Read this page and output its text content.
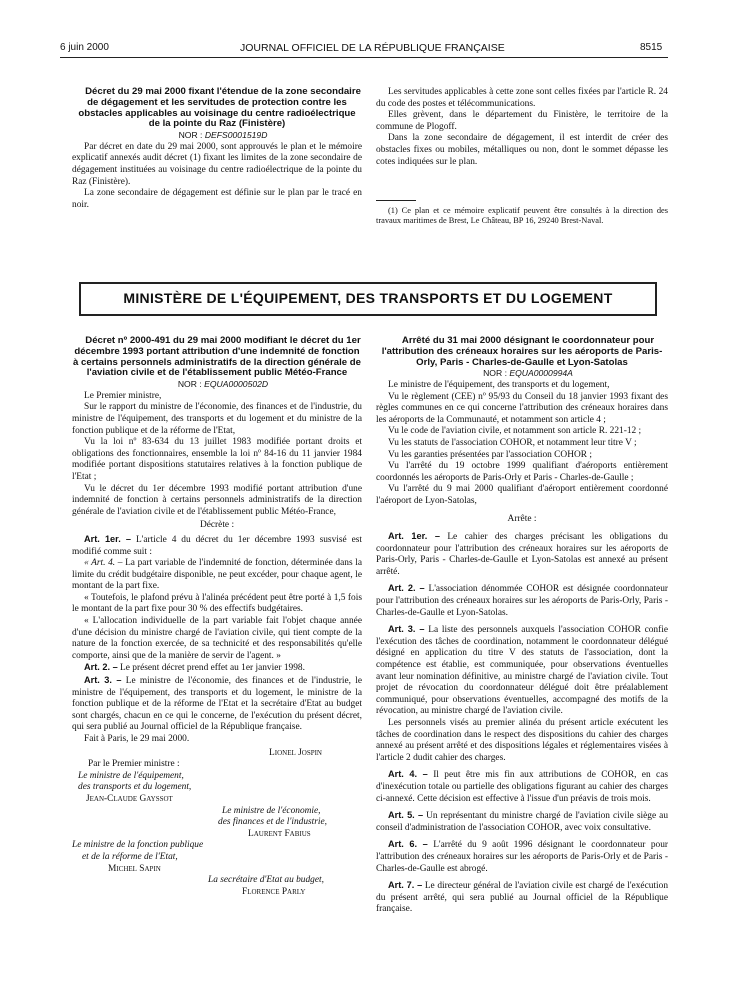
6 juin 2000	JOURNAL OFFICIEL DE LA RÉPUBLIQUE FRANÇAISE	8515

Décret du 29 mai 2000 fixant l'étendue de la zone secondaire de dégagement et les servitudes de protection contre les obstacles applicables au voisinage du centre radioélectrique de la pointe du Raz (Finistère)

NOR : DEFS0001519D

Par décret en date du 29 mai 2000, sont approuvés le plan et le mémoire explicatif annexés audit décret (1) fixant les limites de la zone secondaire de dégagement instituées au voisinage du centre radioélectrique de la pointe du Raz (Finistère).

La zone secondaire de dégagement est définie sur le plan par le tracé en noir.

Les servitudes applicables à cette zone sont celles fixées par l'article R. 24 du code des postes et télécommunications.

Elles grèvent, dans le département du Finistère, le territoire de la commune de Plogoff.

Dans la zone secondaire de dégagement, il est interdit de créer des obstacles fixes ou mobiles, métalliques ou non, dont le sommet dépasse les cotes indiquées sur le plan.

(1) Ce plan et ce mémoire explicatif peuvent être consultés à la direction des travaux maritimes de Brest, Le Château, BP 16, 29240 Brest-Naval.

MINISTÈRE DE L'ÉQUIPEMENT, DES TRANSPORTS ET DU LOGEMENT

Décret nº 2000-491 du 29 mai 2000 modifiant le décret du 1er décembre 1993 portant attribution d'une indemnité de fonction à certains personnels administratifs de la direction générale de l'aviation civile et de l'établissement public Météo-France

NOR : EQUA0000502D

Le Premier ministre,

Sur le rapport du ministre de l'économie, des finances et de l'industrie, du ministre de l'équipement, des transports et du logement et du ministre de la fonction publique et de la réforme de l'Etat,

Vu la loi nº 83-634 du 13 juillet 1983 modifiée portant droits et obligations des fonctionnaires, ensemble la loi nº 84-16 du 11 janvier 1984 modifiée portant dispositions statutaires relatives à la fonction publique de l'Etat ;

Vu le décret du 1er décembre 1993 modifié portant attribution d'une indemnité de fonction à certains personnels administratifs de la direction générale de l'aviation civile et de l'établissement public Météo-France,

Décrète :

Art. 1er. – L'article 4 du décret du 1er décembre 1993 susvisé est modifié comme suit :

« Art. 4. – La part variable de l'indemnité de fonction, déterminée dans la limite du crédit budgétaire disponible, ne peut excéder, pour chaque agent, le montant de la part fixe.

« Toutefois, le plafond prévu à l'alinéa précédent peut être porté à 1,5 fois le montant de la part fixe pour 30 % des effectifs budgétaires.

« L'allocation individuelle de la part variable fait l'objet chaque année d'une décision du ministre chargé de l'aviation civile, qui tient compte de la nature de la fonction exercée, de sa technicité et des responsabilités qu'elle comporte, ainsi que de la manière de servir de l'agent. »

Art. 2. – Le présent décret prend effet au 1er janvier 1998.

Art. 3. – Le ministre de l'économie, des finances et de l'industrie, le ministre de l'équipement, des transports et du logement, le ministre de la fonction publique et de la réforme de l'Etat et la secrétaire d'Etat au budget sont chargés, chacun en ce qui le concerne, de l'exécution du présent décret, qui sera publié au Journal officiel de la République française.

Fait à Paris, le 29 mai 2000.

Lionel Jospin

Par le Premier ministre :

Le ministre de l'équipement,

des transports et du logement,

Jean-Claude Gayssot

Le ministre de l'économie,

des finances et de l'industrie,

Laurent Fabius

Le ministre de la fonction publique

et de la réforme de l'Etat,

Michel Sapin

La secrétaire d'Etat au budget,

Florence Parly

Arrêté du 31 mai 2000 désignant le coordonnateur pour l'attribution des créneaux horaires sur les aéroports de Paris-Orly, Paris - Charles-de-Gaulle et Lyon-Satolas

NOR : EQUA0000994A

Le ministre de l'équipement, des transports et du logement,

Vu le règlement (CEE) nº 95/93 du Conseil du 18 janvier 1993 fixant des règles communes en ce qui concerne l'attribution des créneaux horaires dans les aéroports de la Communauté, et notamment son article 4 ;

Vu le code de l'aviation civile, et notamment son article R. 221-12 ;

Vu les statuts de l'association COHOR, et notamment leur titre V ;

Vu les garanties présentées par l'association COHOR ;

Vu l'arrêté du 19 octobre 1999 qualifiant d'aéroports entièrement coordonnés les aéroports de Paris-Orly et Paris - Charles-de-Gaulle ;

Vu l'arrêté du 9 mai 2000 qualifiant d'aéroport entièrement coordonné l'aéroport de Lyon-Satolas,

Arrête :

Art. 1er. – Le cahier des charges précisant les obligations du coordonnateur pour l'attribution des créneaux horaires sur les aéroports de Paris-Orly, Paris - Charles-de-Gaulle et Lyon-Satolas est annexé au présent arrêté.

Art. 2. – L'association dénommée COHOR est désignée coordonnateur pour l'attribution des créneaux horaires sur les aéroports de Paris-Orly, Paris - Charles-de-Gaulle et Lyon-Satolas.

Art. 3. – La liste des personnels auxquels l'association COHOR confie l'exécution des tâches de coordination, notamment le coordonnateur délégué désigné en application du titre V des statuts de l'association, dont la compétence est établie, est communiquée, pour observations éventuelles avant leur nomination définitive, au ministre chargé de l'aviation civile. Tout projet de révocation du coordonnateur délégué doit être préalablement communiqué, pour observations éventuelles, accompagné des motifs de la révocation, au ministre chargé de l'aviation civile.

Les personnels visés au premier alinéa du présent article exécutent les tâches de coordination dans le respect des dispositions du cahier des charges annexé au présent arrêté et des dispositions légales et réglementaires visées à l'article 2 dudit cahier des charges.

Art. 4. – Il peut être mis fin aux attributions de COHOR, en cas d'inexécution totale ou partielle des obligations figurant au cahier des charges ci-annexé. Cette décision est effective à l'issue d'un préavis de trois mois.

Art. 5. – Un représentant du ministre chargé de l'aviation civile siège au conseil d'administration de l'association COHOR, avec voix consultative.

Art. 6. – L'arrêté du 9 août 1996 désignant le coordonnateur pour l'attribution des créneaux horaires sur les aéroports de Paris-Orly et de Paris - Charles-de-Gaulle est abrogé.

Art. 7. – Le directeur général de l'aviation civile est chargé de l'exécution du présent arrêté, qui sera publié au Journal officiel de la République française.
